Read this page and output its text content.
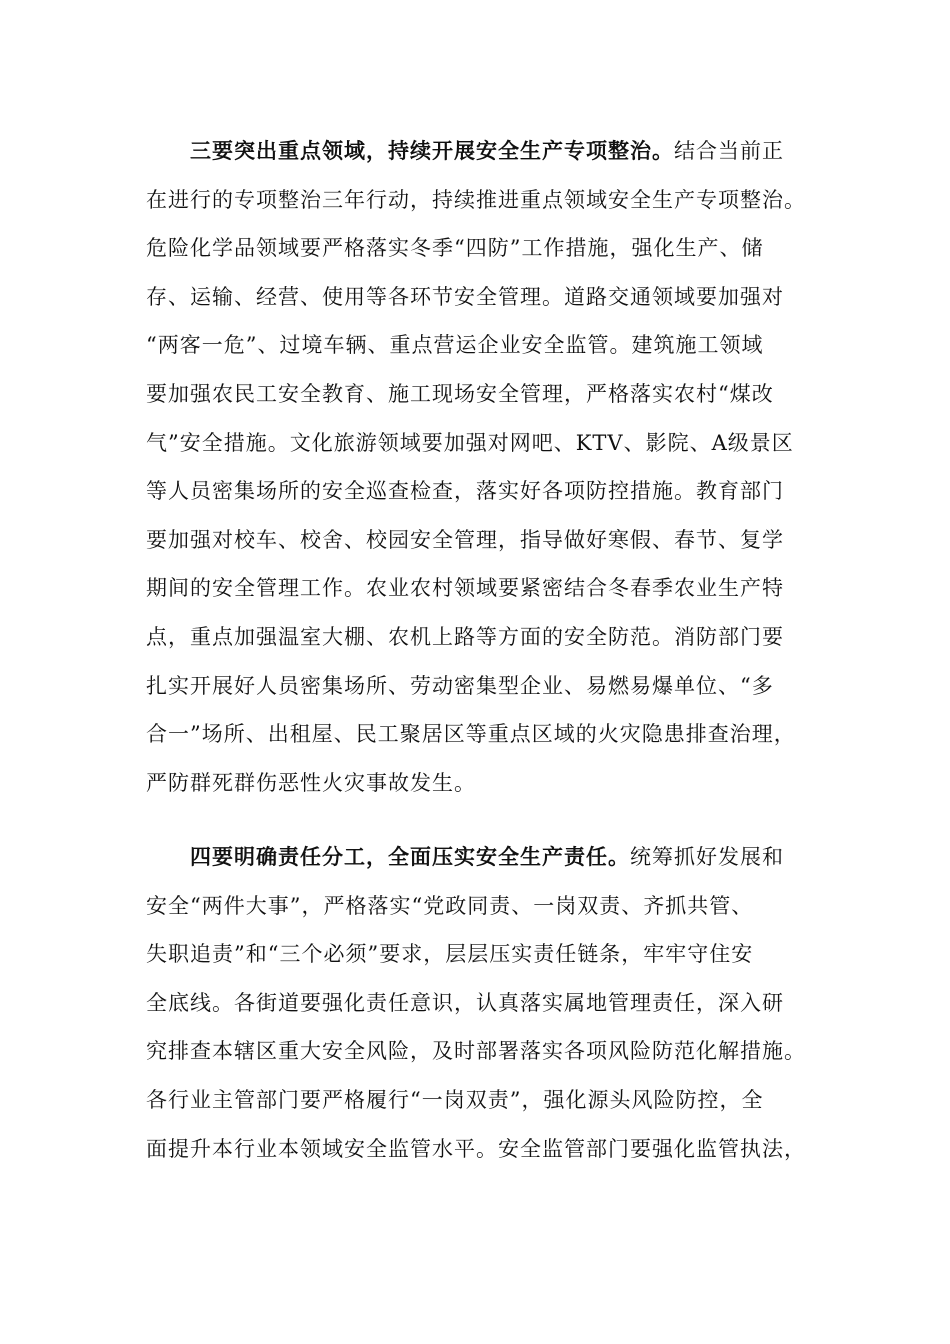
三要突出重点领域，持续开展安全生产专项整治。结合当前正
在进行的专项整治三年行动，持续推进重点领域安全生产专项整治。
危险化学品领域要严格落实冬季“四防”工作措施，强化生产、储
存、运输、经营、使用等各环节安全管理。道路交通领域要加强对
“两客一危”、过境车辆、重点营运企业安全监管。建筑施工领域
要加强农民工安全教育、施工现场安全管理，严格落实农村“煤改
气”安全措施。文化旅游领域要加强对网吧、KTV、影院、A级景区
等人员密集场所的安全巡查检查，落实好各项防控措施。教育部门
要加强对校车、校舍、校园安全管理，指导做好寒假、春节、复学
期间的安全管理工作。农业农村领域要紧密结合冬春季农业生产特
点，重点加强温室大棚、农机上路等方面的安全防范。消防部门要
扎实开展好人员密集场所、劳动密集型企业、易燃易爆单位、“多
合一”场所、出租屋、民工聚居区等重点区域的火灾隐患排查治理，
严防群死群伤恶性火灾事故发生。
四要明确责任分工，全面压实安全生产责任。统筹抓好发展和
安全“两件大事”，严格落实“党政同责、一岗双责、齐抓共管、
失职追责”和“三个必须”要求，层层压实责任链条，牢牢守住安
全底线。各街道要强化责任意识，认真落实属地管理责任，深入研
究排查本辖区重大安全风险，及时部署落实各项风险防范化解措施。
各行业主管部门要严格履行“一岗双责”，强化源头风险防控，全
面提升本行业本领域安全监管水平。安全监管部门要强化监管执法，
